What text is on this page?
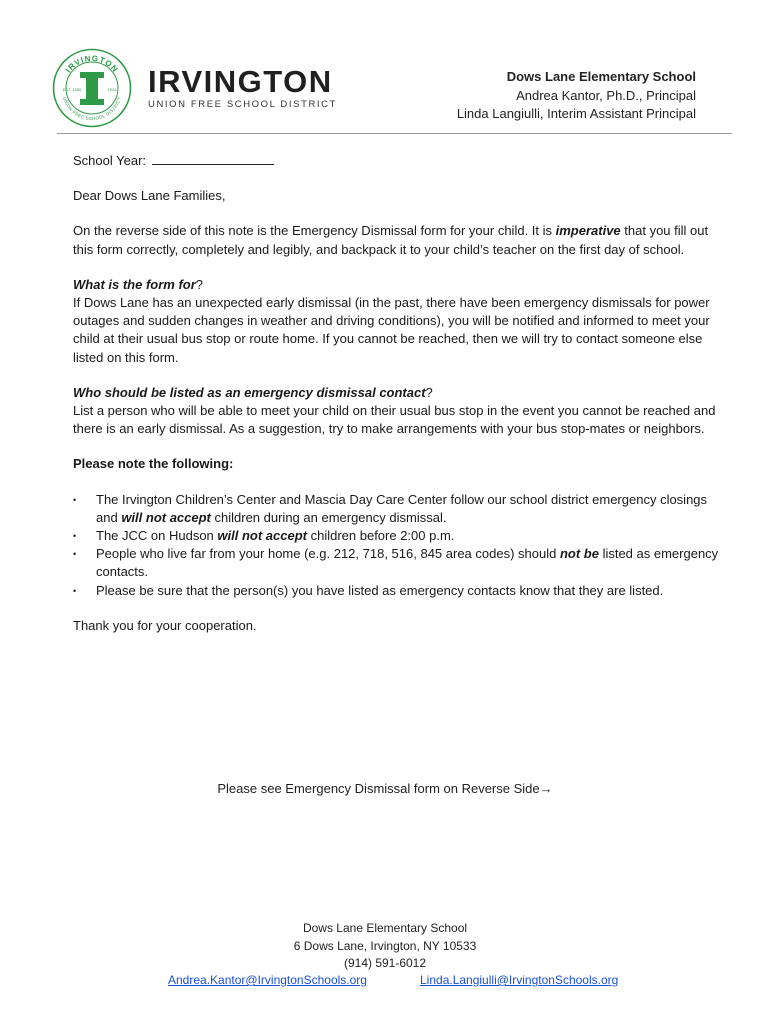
IRVINGTON
UNION FREE SCHOOL DISTRICT
EST. 1855	1924 IRVINGTON
UNION FREE SCHOOL DISTRICT
Dows Lane Elementary School
Andrea Kantor, Ph.D., Principal
Linda Langiulli, Interim Assistant Principal

School Year:

Dear Dows Lane Families,

On the reverse side of this note is the Emergency Dismissal form for your child. It is imperative that you fill out this form correctly, completely and legibly, and backpack it to your child’s teacher on the first day of school.

What is the form for?

If Dows Lane has an unexpected early dismissal (in the past, there have been emergency dismissals for power outages and sudden changes in weather and driving conditions), you will be notified and informed to meet your child at their usual bus stop or route home. If you cannot be reached, then we will try to contact someone else listed on this form.

Who should be listed as an emergency dismissal contact?

List a person who will be able to meet your child on their usual bus stop in the event you cannot be reached and there is an early dismissal. As a suggestion, try to make arrangements with your bus stop-mates or neighbors.

Please note the following:

• The Irvington Children’s Center and Mascia Day Care Center follow our school district emergency closings and will not accept children during an emergency dismissal.
• The JCC on Hudson will not accept children before 2:00 p.m.
• People who live far from your home (e.g. 212, 718, 516, 845 area codes) should not be listed as emergency contacts.
• Please be sure that the person(s) you have listed as emergency contacts know that they are listed.

Thank you for your cooperation.

Please see Emergency Dismissal form on Reverse Side→
Dows Lane Elementary School
6 Dows Lane, Irvington, NY 10533
(914) 591-6012
Andrea.Kantor@IrvingtonSchools.org	Linda.Langiulli@IrvingtonSchools.org
